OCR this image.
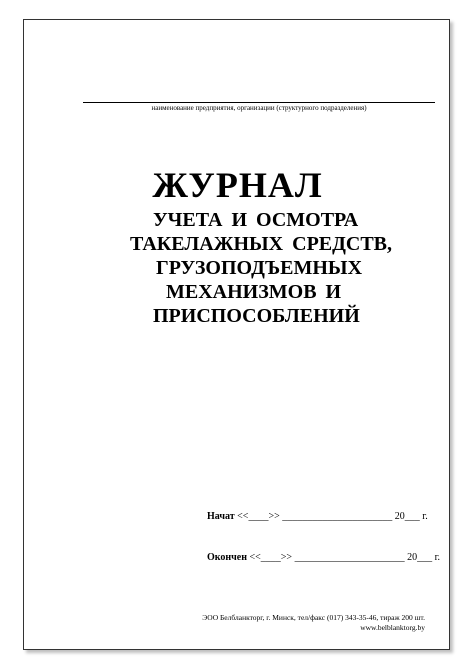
наименование предприятия, организации (структурного подразделения)
ЖУРНАЛ
УЧЕТА И ОСМОТРА
ТАКЕЛАЖНЫХ СРЕДСТВ,
ГРУЗОПОДЪЕМНЫХ
МЕХАНИЗМОВ И
ПРИСПОСОБЛЕНИЙ
Начат <<____>> ______________________ 20___ г.
Окончен <<____>> ______________________ 20___ г.
ЭОО Белбланкторг, г. Минск, тел/факс (017) 343-35-46, тираж 200 шт.
www.belblanktorg.by
